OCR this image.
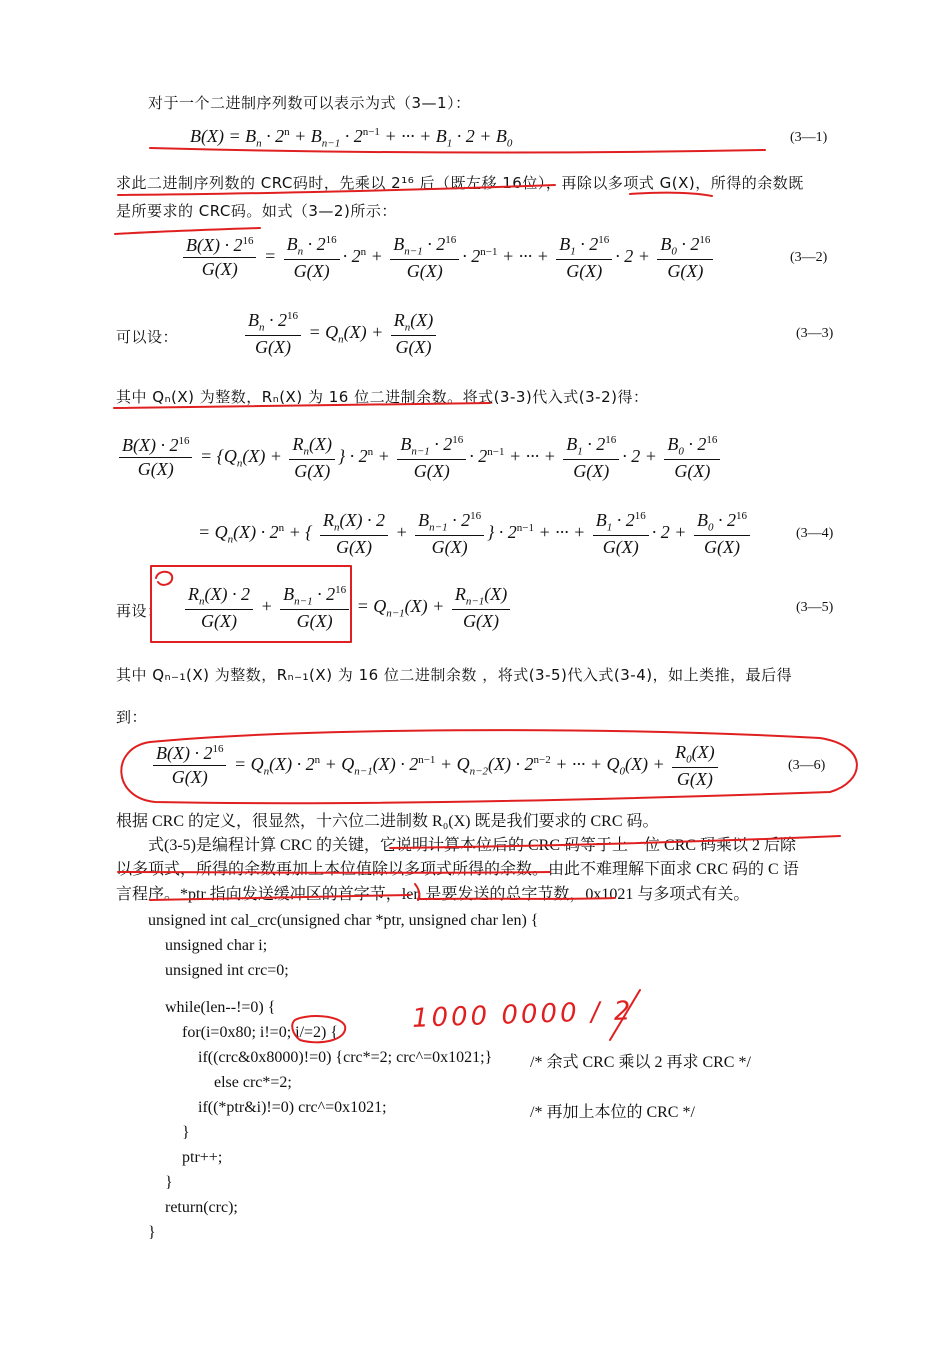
对于一个二进制序列数可以表示为式（3—1）：
$B(X) = B_n \cdot 2^n + B_{n-1} \cdot 2^{n-1}$ + ··· + $B_1 \cdot 2 + B_0$	(3—1)
求此二进制序列数的 CRC码时，先乘以 2¹⁶ 后（既左移 16位），再除以多项式 G(X)，所得的余数既
是所要求的 CRC码。如式（3—2)所示：
$\frac{B(X) \cdot 2^{16}}{G(X)} = \frac{B_n \cdot 2^{16}}{G(X)} \cdot 2^n + \frac{B_{n-1} \cdot 2^{16}}{G(X)} \cdot 2^{n-1}$ + ··· + $\frac{B_1 \cdot 2^{16}}{G(X)} \cdot 2 + \frac{B_0 \cdot 2^{16}}{G(X)}$	(3—2)
可以设：	$\frac{B_n \cdot 2^{16}}{G(X)} = Q_n(X) + \frac{R_n(X)}{G(X)}$	(3—3)
其中 Qₙ(X) 为整数，Rₙ(X) 为 16 位二进制余数。将式(3-3)代入式(3-2)得：
$\frac{B(X) \cdot 2^{16}}{G(X)} = \{Q_n(X) + \frac{R_n(X)}{G(X)}$ } · $2^n + \frac{B_{n-1} \cdot 2^{16}}{G(X)} \cdot 2^{n-1}$ + ··· + $\frac{B_1 \cdot 2^{16}}{G(X)} \cdot 2 + \frac{B_0 \cdot 2^{16}}{G(X)}$
= $Q_n(X) \cdot 2^n$ + { $\frac{R_n(X) \cdot 2}{G(X)} + \frac{B_{n-1} \cdot 2^{16}}{G(X)}$ } · $2^{n-1}$ + ··· + $\frac{B_1 \cdot 2^{16}}{G(X)} \cdot 2 + \frac{B_0 \cdot 2^{16}}{G(X)}$	(3—4)
再设： $\frac{R_n(X) \cdot 2}{G(X)} + \frac{B_{n-1} \cdot 2^{16}}{G(X)} = Q_{n-1}(X) + \frac{R_{n-1}(X)}{G(X)}$	(3—5)
其中 Qₙ₋₁(X) 为整数，Rₙ₋₁(X) 为 16 位二进制余数 ，将式(3-5)代入式(3-4)，如上类推，最后得
到：
$\frac{B(X) \cdot 2^{16}}{G(X)} = Q_n(X) \cdot 2^n + Q_{n-1}(X) \cdot 2^{n-1} + Q_{n-2}(X) \cdot 2^{n-2}$ + ··· + $Q_0(X) + \frac{R_0(X)}{G(X)}$	(3—6)
根据 CRC 的定义，很显然，十六位二进制数 R₀(X) 既是我们要求的 CRC 码。
式(3-5)是编程计算 CRC 的关键，它说明计算本位后的 CRC 码等于上一位 CRC 码乘以 2 后除
以多项式，所得的余数再加上本位值除以多项式所得的余数。由此不难理解下面求 CRC 码的 C 语
言程序。*ptr 指向发送缓冲区的首字节，len 是要发送的总字节数，0x1021 与多项式有关。
unsigned int cal_crc(unsigned char *ptr, unsigned char len) {
unsigned char i;
unsigned int crc=0;
while(len--!=0) {
for(i=0x80; i!=0; i/=2) {
if((crc&0x8000)!=0) {crc*=2; crc^=0x1021;} /* 余式 CRC 乘以 2 再求 CRC */
else crc*=2;
if((*ptr&i)!=0) crc^=0x1021;	/* 再加上本位的 CRC */
}
ptr++;
}
return(crc);
}
1000 0000 / 2
